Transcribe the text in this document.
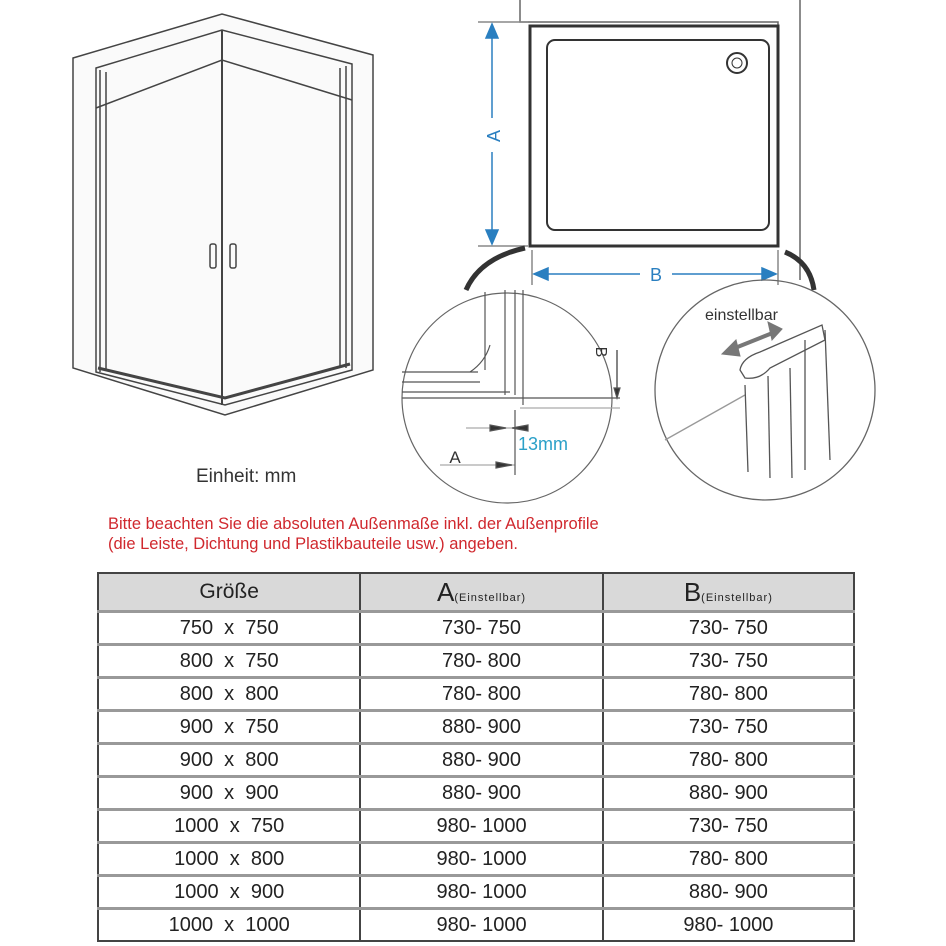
A
B
B
A
13mm
einstellbar
Einheit: mm
Bitte beachten Sie die absoluten Außenmaße inkl. der Außenprofile
(die Leiste, Dichtung und Plastikbauteile usw.) angeben.
Größe	A(Einstellbar)	B(Einstellbar)
750  x  750	730- 750	730- 750
800  x  750	780- 800	730- 750
800  x  800	780- 800	780- 800
900  x  750	880- 900	730- 750
900  x  800	880- 900	780- 800
900  x  900	880- 900	880- 900
1000  x  750	980- 1000	730- 750
1000  x  800	980- 1000	780- 800
1000  x  900	980- 1000	880- 900
1000  x  1000	980- 1000	980- 1000
